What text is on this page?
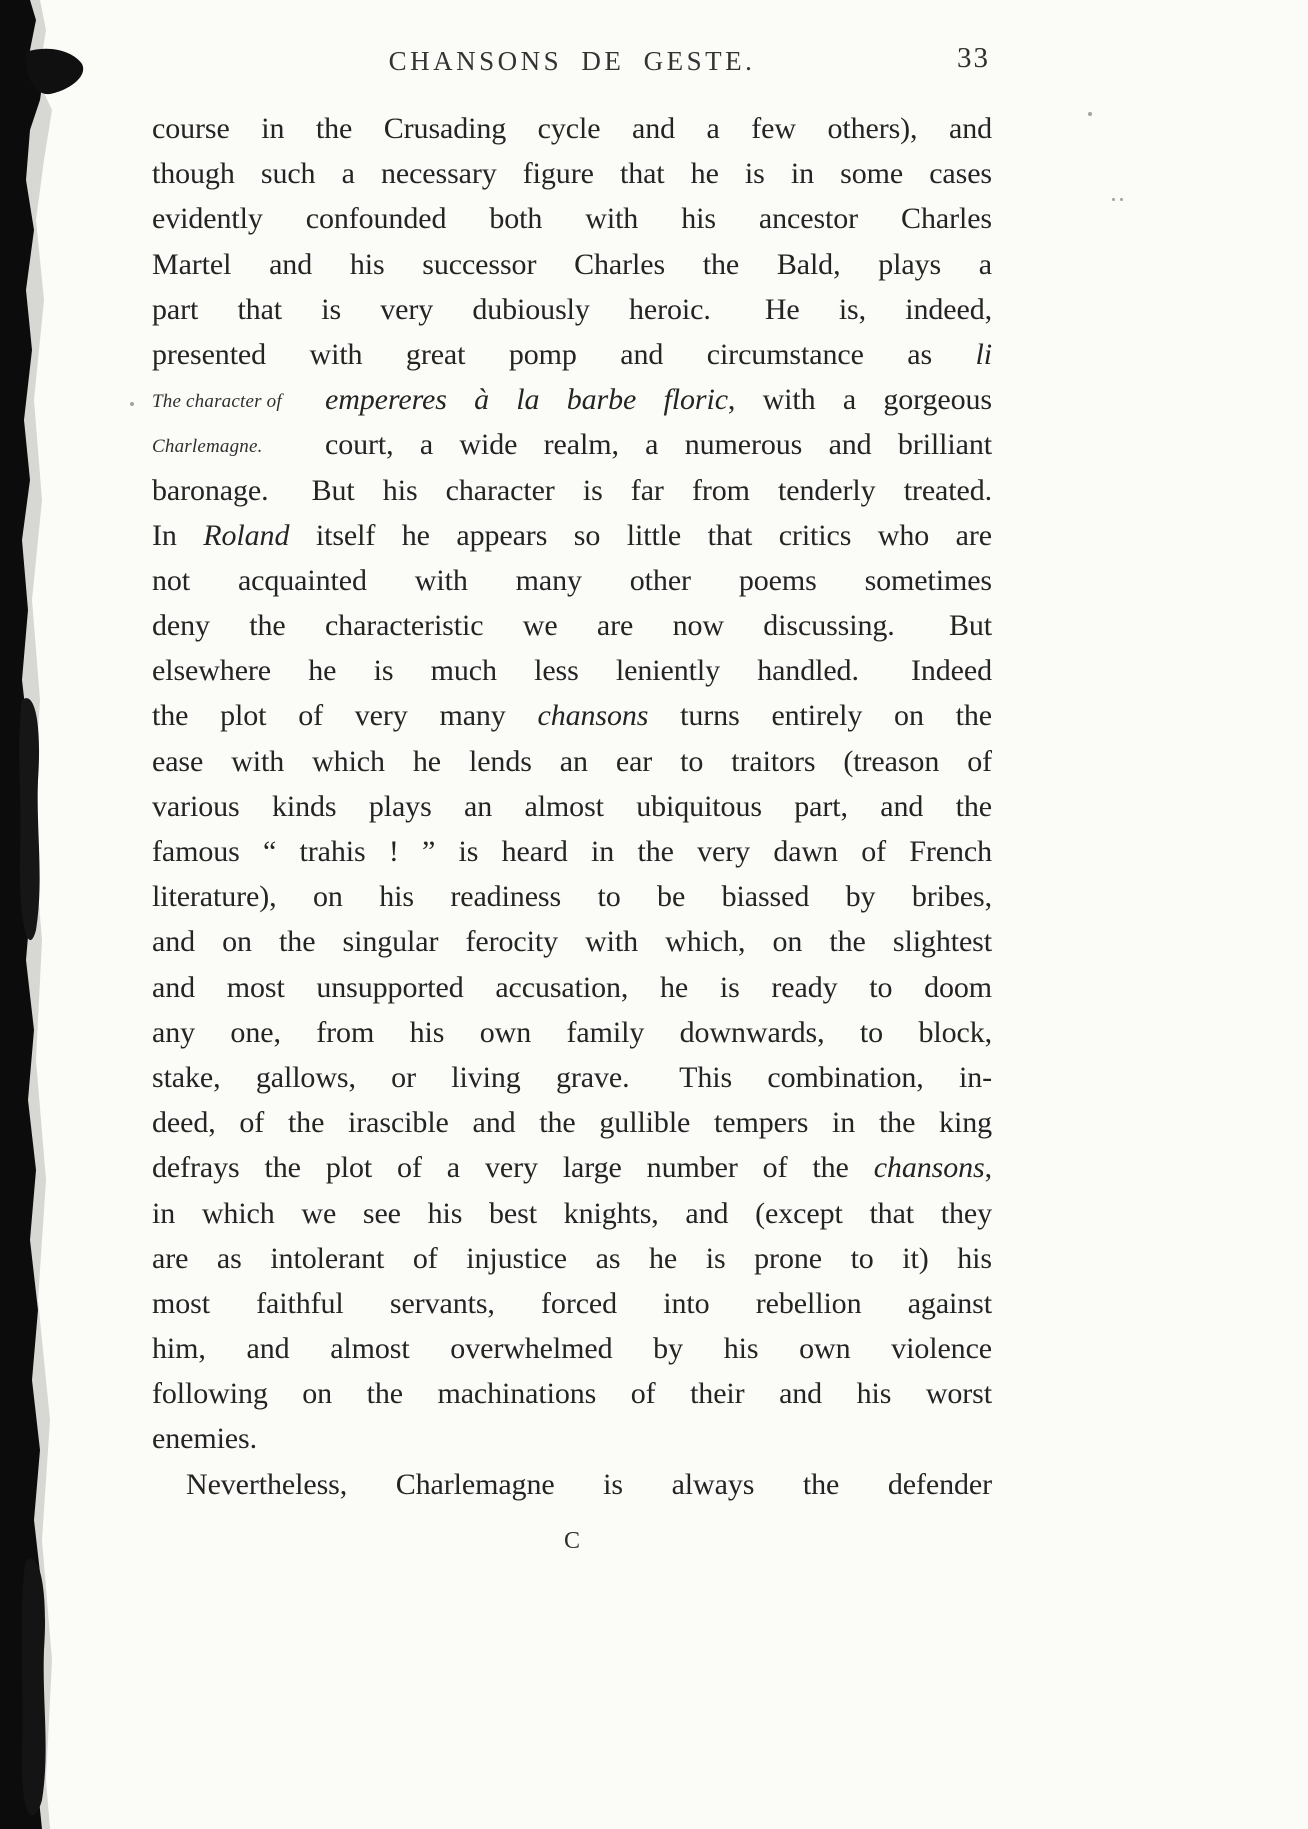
CHANSONS DE GESTE.	33
course in the Crusading cycle and a few others), and
though such a necessary figure that he is in some cases
evidently confounded both with his ancestor Charles
Martel and his successor Charles the Bald, plays a
part that is very dubiously heroic.  He is, indeed,
presented with great pomp and circumstance as li
The character of	empereres à la barbe floric, with a gorgeous
Charlemagne.	court, a wide realm, a numerous and brilliant
baronage.  But his character is far from tenderly treated.
In Roland itself he appears so little that critics who are
not acquainted with many other poems sometimes
deny the characteristic we are now discussing.  But
elsewhere he is much less leniently handled.  Indeed
the plot of very many chansons turns entirely on the
ease with which he lends an ear to traitors (treason of
various kinds plays an almost ubiquitous part, and the
famous “ trahis ! ” is heard in the very dawn of French
literature), on his readiness to be biassed by bribes,
and on the singular ferocity with which, on the slightest
and most unsupported accusation, he is ready to doom
any one, from his own family downwards, to block,
stake, gallows, or living grave.  This combination, in-
deed, of the irascible and the gullible tempers in the king
defrays the plot of a very large number of the chansons,
in which we see his best knights, and (except that they
are as intolerant of injustice as he is prone to it) his
most faithful servants, forced into rebellion against
him, and almost overwhelmed by his own violence
following on the machinations of their and his worst
enemies.
Nevertheless, Charlemagne is always the defender
C
